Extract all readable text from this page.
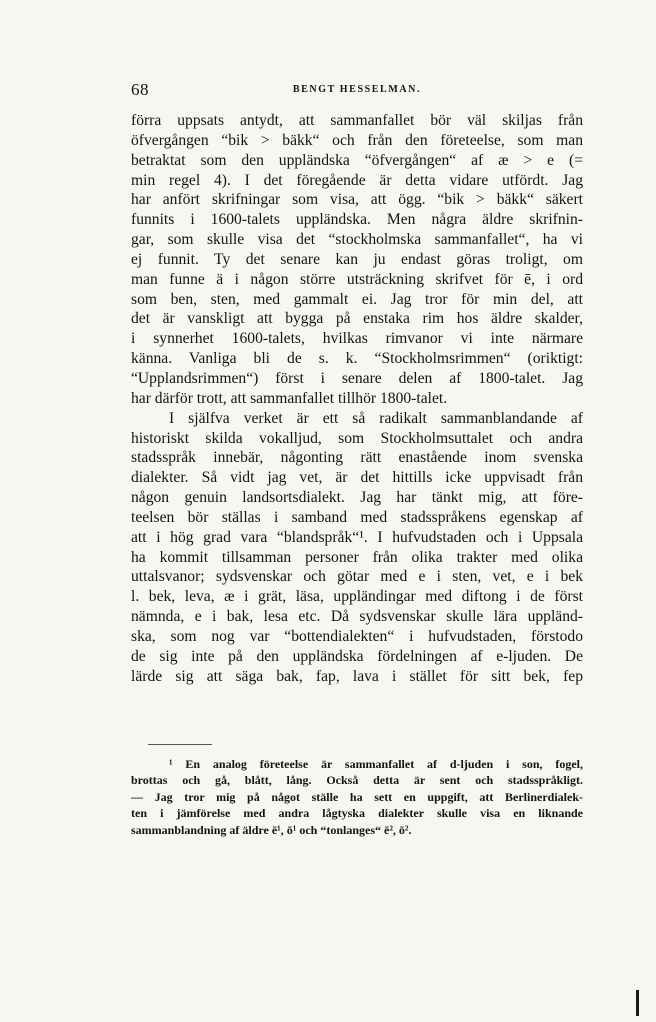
68	BENGT HESSELMAN.
förra uppsats antydt, att sammanfallet bör väl skiljas från
öfvergången “bik > bäkk“ och från den företeelse, som man
betraktat som den uppländska “öfvergången“ af æ > e (=
min regel 4). I det föregående är detta vidare utfördt. Jag
har anfört skrifningar som visa, att ögg. “bik > bäkk“ säkert
funnits i 1600-talets uppländska. Men några äldre skrifnin-
gar, som skulle visa det “stockholmska sammanfallet“, ha vi
ej funnit. Ty det senare kan ju endast göras troligt, om
man funne ä i någon större utsträckning skrifvet för ē, i ord
som ben, sten, med gammalt ei. Jag tror för min del, att
det är vanskligt att bygga på enstaka rim hos äldre skalder,
i synnerhet 1600-talets, hvilkas rimvanor vi inte närmare
känna. Vanliga bli de s. k. “Stockholmsrimmen“ (oriktigt:
“Upplandsrimmen“) först i senare delen af 1800-talet. Jag
har därför trott, att sammanfallet tillhör 1800-talet.
I själfva verket är ett så radikalt sammanblandande af
historiskt skilda vokalljud, som Stockholmsuttalet och andra
stadsspråk innebär, någonting rätt enastående inom svenska
dialekter. Så vidt jag vet, är det hittills icke uppvisadt från
någon genuin landsortsdialekt. Jag har tänkt mig, att före-
teelsen bör ställas i samband med stadsspråkens egenskap af
att i hög grad vara “blandspråk“¹. I hufvudstaden och i Uppsala
ha kommit tillsamman personer från olika trakter med olika
uttalsvanor; sydsvenskar och götar med e i sten, vet, e i bek
l. bek, leva, æ i grät, läsa, uppländingar med diftong i de först
nämnda, e i bak, lesa etc. Då sydsvenskar skulle lära uppländ-
ska, som nog var “bottendialekten“ i hufvudstaden, förstodo
de sig inte på den uppländska fördelningen af e-ljuden. De
lärde sig att säga bak, fap, lava i stället för sitt bek, fep
¹ En analog företeelse är sammanfallet af d-ljuden i son, fogel,
brottas och gå, blått, lång. Också detta är sent och stadsspråkligt.
— Jag tror mig på något ställe ha sett en uppgift, att Berlinerdialek-
ten i jämförelse med andra lågtyska dialekter skulle visa en liknande
sammanblandning af äldre ē¹, ō¹ och “tonlanges“ ē², ō².
